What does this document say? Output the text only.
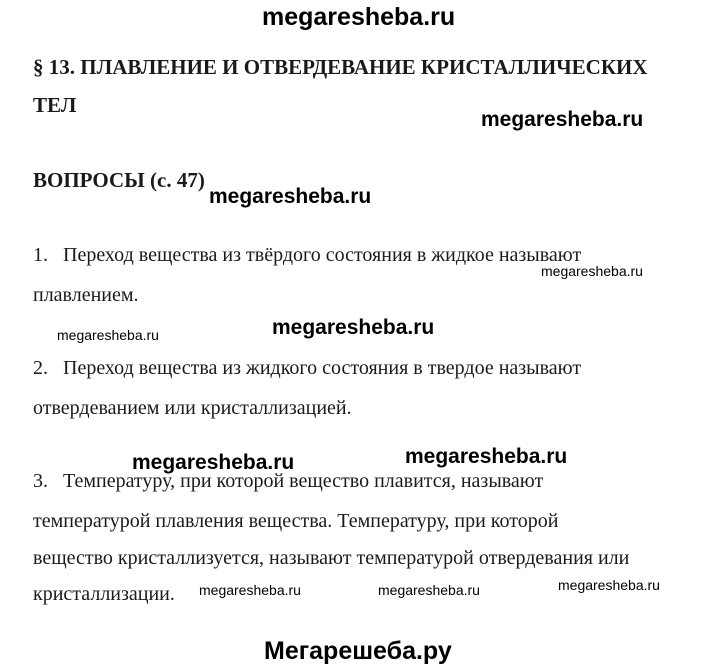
megaresheba.ru
§ 13. ПЛАВЛЕНИЕ И ОТВЕРДЕВАНИЕ КРИСТАЛЛИЧЕСКИХ
ТЕЛ
megaresheba.ru
ВОПРОСЫ (с. 47)
megaresheba.ru
1. Переход вещества из твёрдого состояния в жидкое называют
megaresheba.ru
плавлением.
megaresheba.ru	megaresheba.ru
2. Переход вещества из жидкого состояния в твердое называют
отвердеванием или кристаллизацией.
megaresheba.ru	megaresheba.ru
3. Температуру, при которой вещество плавится, называют
температурой плавления вещества. Температуру, при которой
вещество кристаллизуется, называют температурой отвердевания или
кристаллизации. megaresheba.ru	megaresheba.ru	megaresheba.ru
Мегарешеба.ру
